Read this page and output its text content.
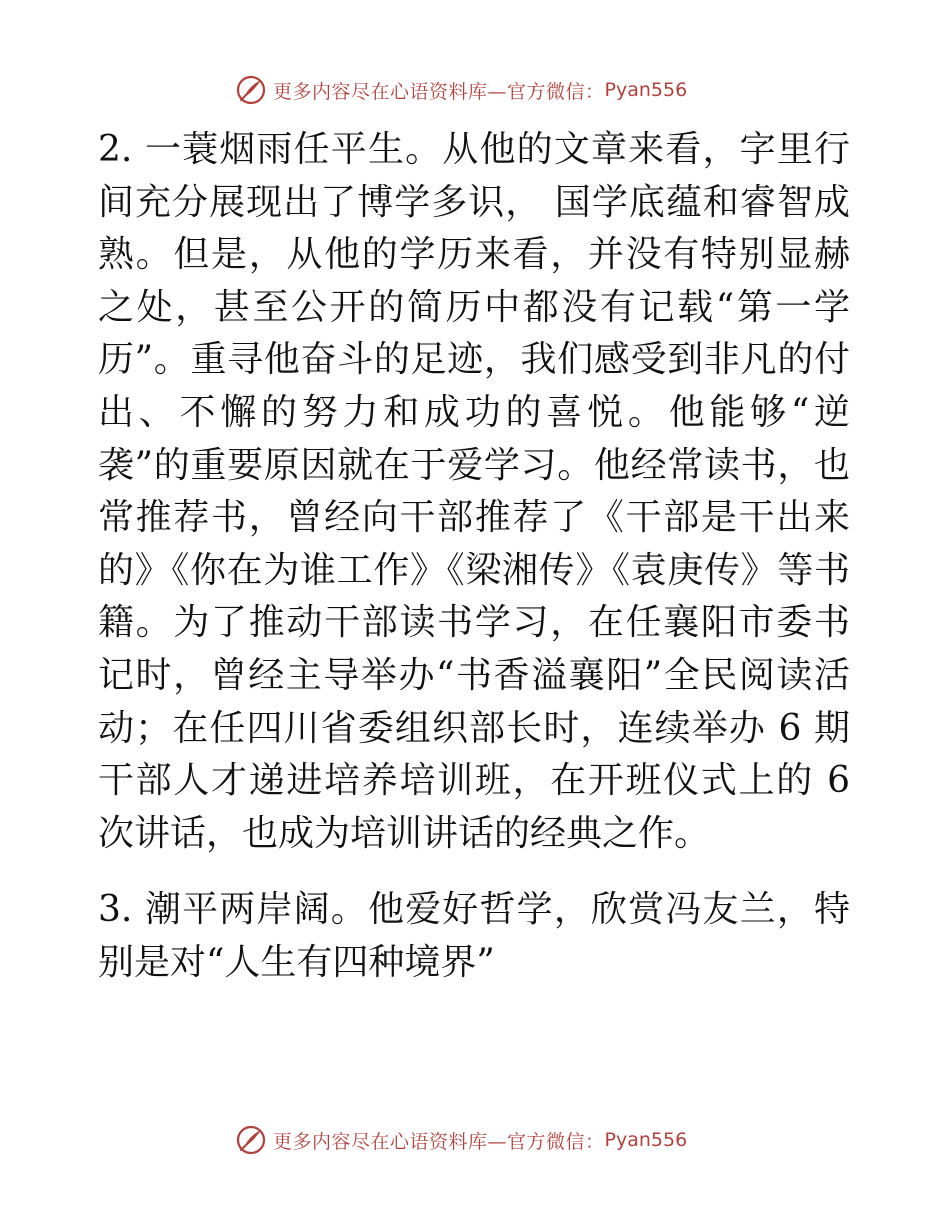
更多内容尽在心语资料库—官方微信： Pyan556

2. 一蓑烟雨任平生。从他的文章来看，字里行间充分展现出了博学多识， 国学底蕴和睿智成熟。但是，从他的学历来看，并没有特别显赫之处，甚至公开的简历中都没有记载“第一学历”。重寻他奋斗的足迹，我们感受到非凡的付出、不懈的努力和成功的喜悦。他能够“逆袭”的重要原因就在于爱学习。他经常读书，也常推荐书，曾经向干部推荐了《干部是干出来的》《你在为谁工作》《梁湘传》《袁庚传》等书籍。为了推动干部读书学习，在任襄阳市委书记时，曾经主导举办“书香溢襄阳”全民阅读活动；在任四川省委组织部长时，连续举办 6 期干部人才递进培养培训班，在开班仪式上的 6 次讲话，也成为培训讲话的经典之作。

3. 潮平两岸阔。他爱好哲学，欣赏冯友兰，特别是对“人生有四种境界”

更多内容尽在心语资料库—官方微信： Pyan556
